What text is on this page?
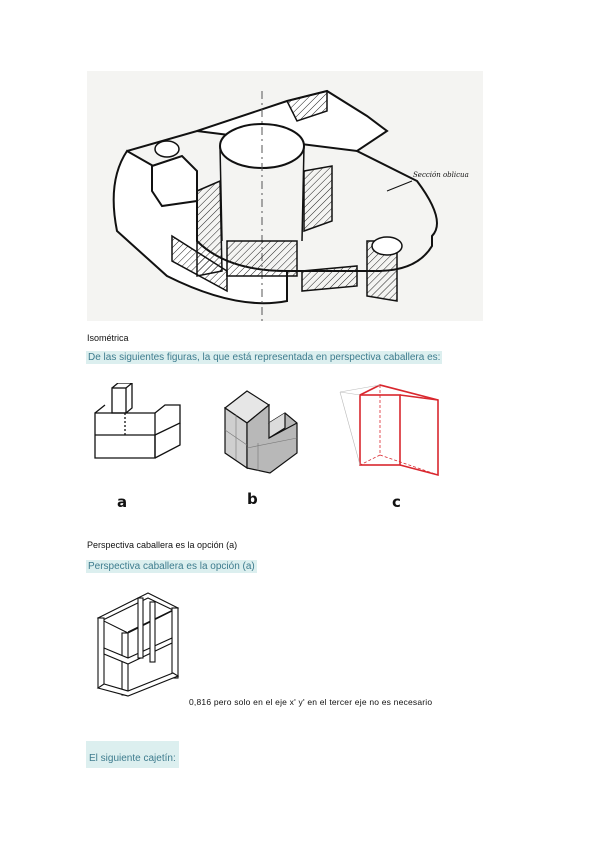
Sección oblicua
Isométrica
De las siguientes figuras, la que está representada en perspectiva caballera es:
a	b	c
Perspectiva caballera es la opción (a)
Perspectiva caballera es la opción (a)
0,816 pero solo en el eje x' y' en el tercer eje no es necesario
El siguiente cajetín:
